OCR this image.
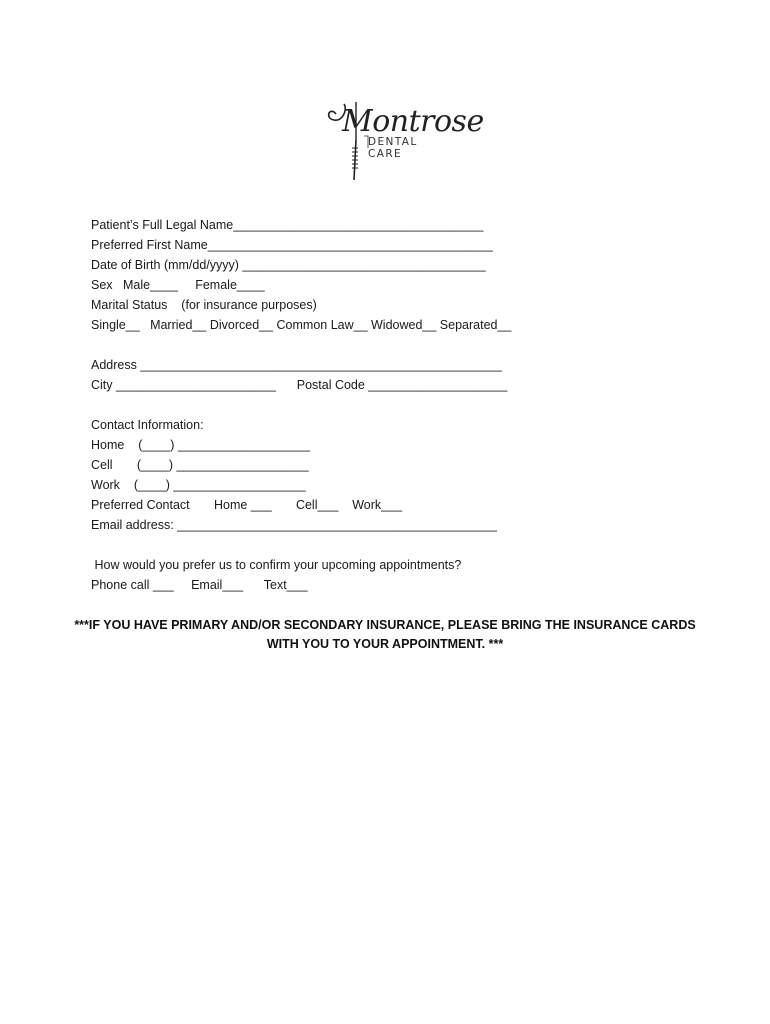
Montrose
DENTAL CARE
Patient’s Full Legal Name____________________________________
Preferred First Name_________________________________________
Date of Birth (mm/dd/yyyy) ___________________________________
Sex   Male____     Female____
Marital Status    (for insurance purposes)
Single__   Married__ Divorced__ Common Law__ Widowed__ Separated__
Address ____________________________________________________
City _______________________      Postal Code ____________________
Contact Information:
Home    (____) ___________________
Cell       (____) ___________________
Work    (____) ___________________
Preferred Contact       Home ___       Cell___    Work___
Email address: ______________________________________________
How would you prefer us to confirm your upcoming appointments?
Phone call ___     Email___      Text___
***IF YOU HAVE PRIMARY AND/OR SECONDARY INSURANCE, PLEASE BRING THE INSURANCE CARDS
WITH YOU TO YOUR APPOINTMENT. ***
